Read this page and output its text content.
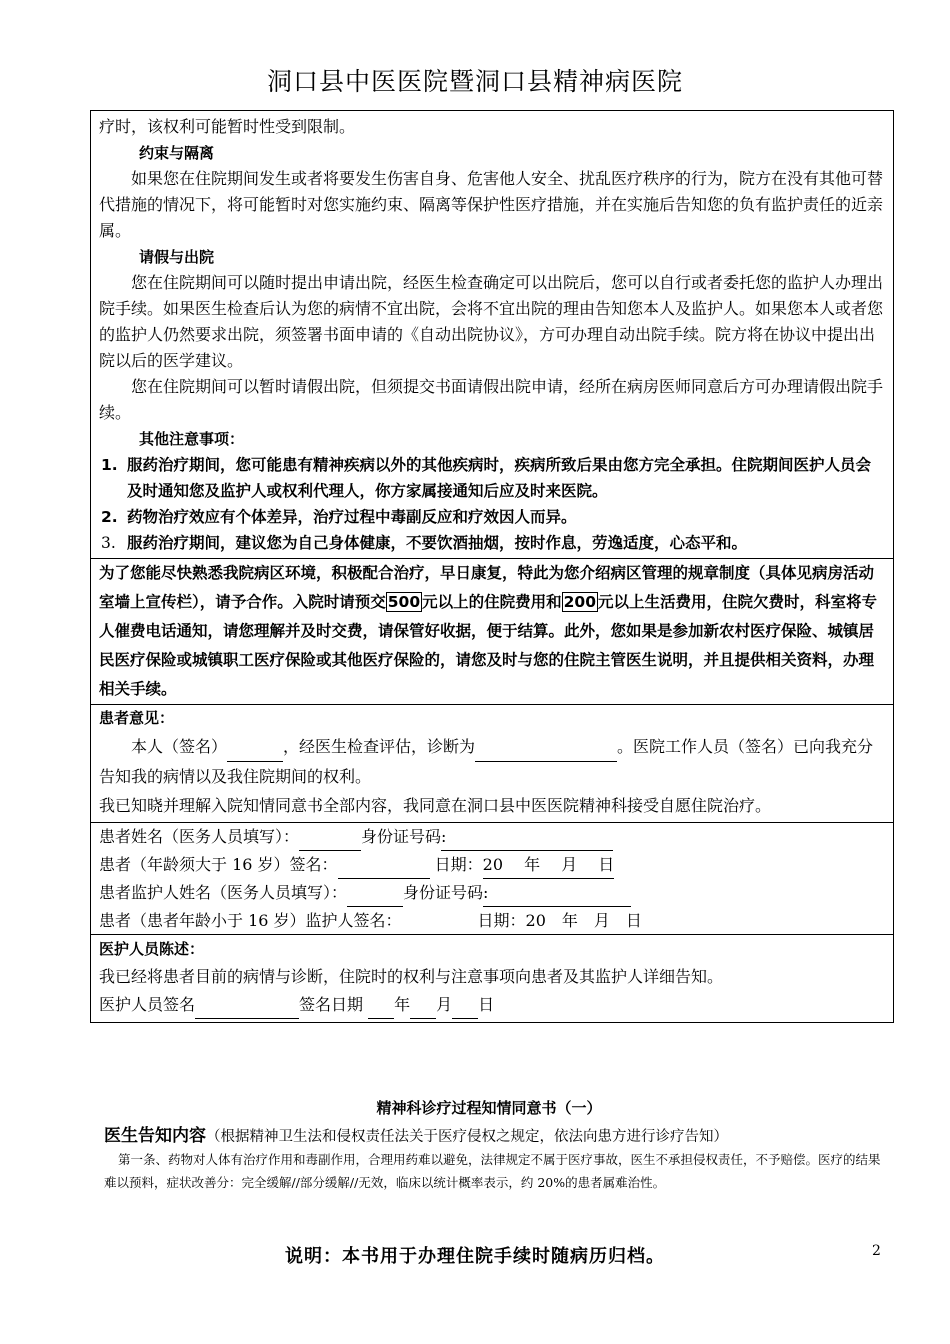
洞口县中医医院暨洞口县精神病医院

疗时，该权利可能暂时性受到限制。

约束与隔离

如果您在住院期间发生或者将要发生伤害自身、危害他人安全、扰乱医疗秩序的行为，院方在没有其他可替代措施的情况下，将可能暂时对您实施约束、隔离等保护性医疗措施，并在实施后告知您的负有监护责任的近亲属。

请假与出院

您在住院期间可以随时提出申请出院，经医生检查确定可以出院后，您可以自行或者委托您的监护人办理出院手续。如果医生检查后认为您的病情不宜出院，会将不宜出院的理由告知您本人及监护人。如果您本人或者您的监护人仍然要求出院，须签署书面申请的《自动出院协议》，方可办理自动出院手续。院方将在协议中提出出院以后的医学建议。

您在住院期间可以暂时请假出院，但须提交书面请假出院申请，经所在病房医师同意后方可办理请假出院手续。

其他注意事项：

1. 服药治疗期间，您可能患有精神疾病以外的其他疾病时，疾病所致后果由您方完全承担。住院期间医护人员会及时通知您及监护人或权利代理人，你方家属接通知后应及时来医院。
2. 药物治疗效应有个体差异，治疗过程中毒副反应和疗效因人而异。
3. 服药治疗期间，建议您为自己身体健康，不要饮酒抽烟，按时作息，劳逸适度，心态平和。

为了您能尽快熟悉我院病区环境，积极配合治疗，早日康复，特此为您介绍病区管理的规章制度（具体见病房活动室墙上宣传栏），请予合作。入院时请预交 500 元以上的住院费用和 200 元以上生活费用，住院欠费时，科室将专人催费电话通知，请您理解并及时交费，请保管好收据，便于结算。此外，您如果是参加新农村医疗保险、城镇居民医疗保险或城镇职工医疗保险或其他医疗保险的，请您及时与您的住院主管医生说明，并且提供相关资料，办理相关手续。

患者意见：

本人（签名）	，经医生检查评估，诊断为	。医院工作人员（签名）已向我充分告知我的病情以及我住院期间的权利。

我已知晓并理解入院知情同意书全部内容，我同意在洞口县中医医院精神科接受自愿住院治疗。

患者姓名（医务人员填写）：	身份证号码:

患者（年龄须大于 16 岁）签名：	日期：20　 年　 月　 日

患者监护人姓名（医务人员填写）：	身份证号码:

患者（患者年龄小于 16 岁）监护人签名：	日期：20　年　月　日

医护人员陈述：

我已经将患者目前的病情与诊断，住院时的权利与注意事项向患者及其监护人详细告知。

医护人员签名	签名日期 年 月 日

精神科诊疗过程知情同意书（一）
医生告知内容（根据精神卫生法和侵权责任法关于医疗侵权之规定，依法向患方进行诊疗告知）
第一条、药物对人体有治疗作用和毒副作用，合理用药难以避免，法律规定不属于医疗事故，医生不承担侵权责任，不予赔偿。医疗的结果难以预料，症状改善分：完全缓解//部分缓解//无效，临床以统计概率表示，约 20%的患者属难治性。
说明：本书用于办理住院手续时随病历归档。	2
